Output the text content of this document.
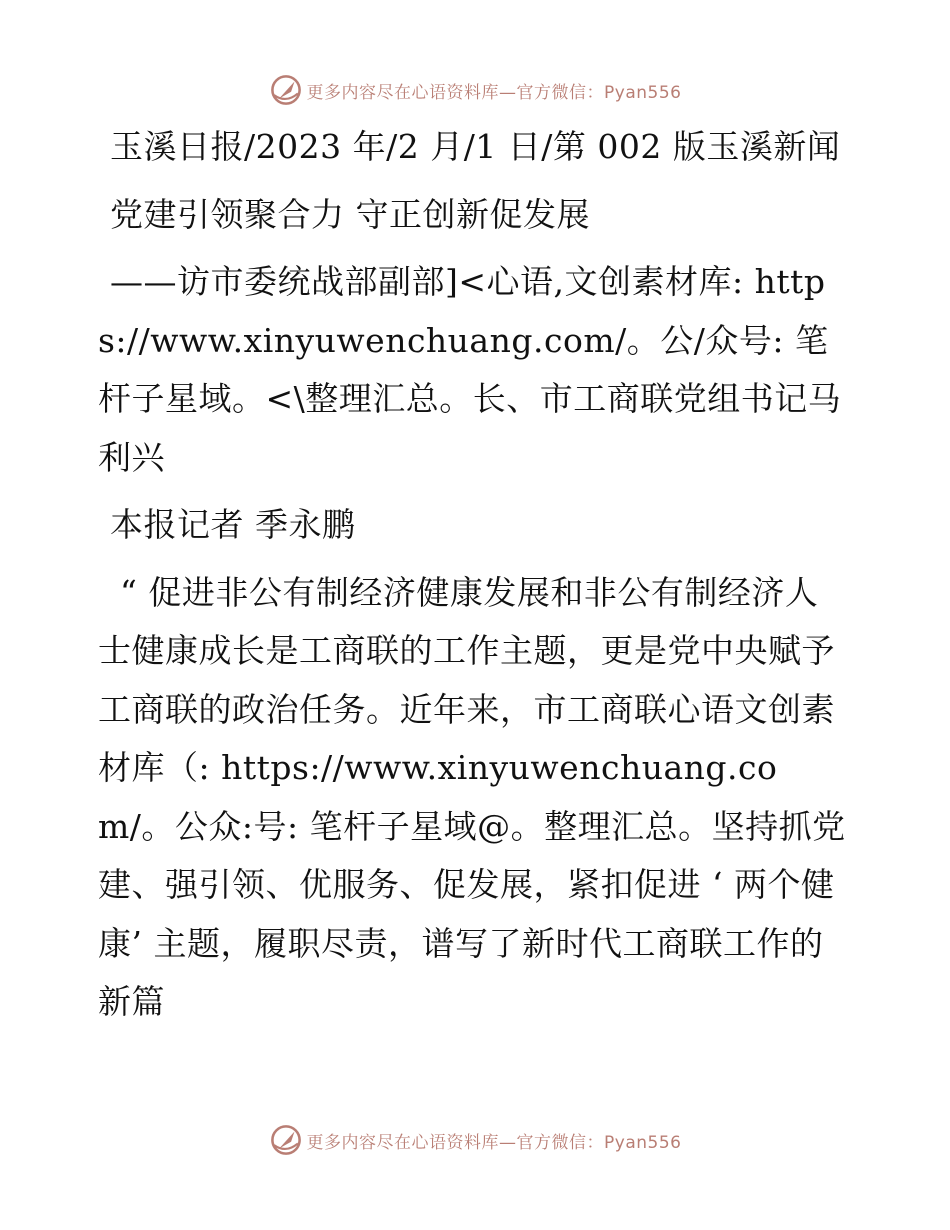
更多内容尽在心语资料库—官方微信：Pyan556

玉溪日报/2023 年/2 月/1 日/第 002 版玉溪新闻

党建引领聚合力 守正创新促发展

——访市委统战部副部]<心语,文创素材库: https://www.xinyuwenchuang.com/。公/众号: 笔杆子星域。<\整理汇总。长、市工商联党组书记马利兴

本报记者 季永鹏

“ 促进非公有制经济健康发展和非公有制经济人士健康成长是工商联的工作主题，更是党中央赋予工商联的政治任务。近年来，市工商联心语文创素材库（: https://www.xinyuwenchuang.com/。公众:号: 笔杆子星域@。整理汇总。坚持抓党建、强引领、优服务、促发展，紧扣促进 ‘ 两个健康’ 主题，履职尽责，谱写了新时代工商联工作的新篇

更多内容尽在心语资料库—官方微信：Pyan556
